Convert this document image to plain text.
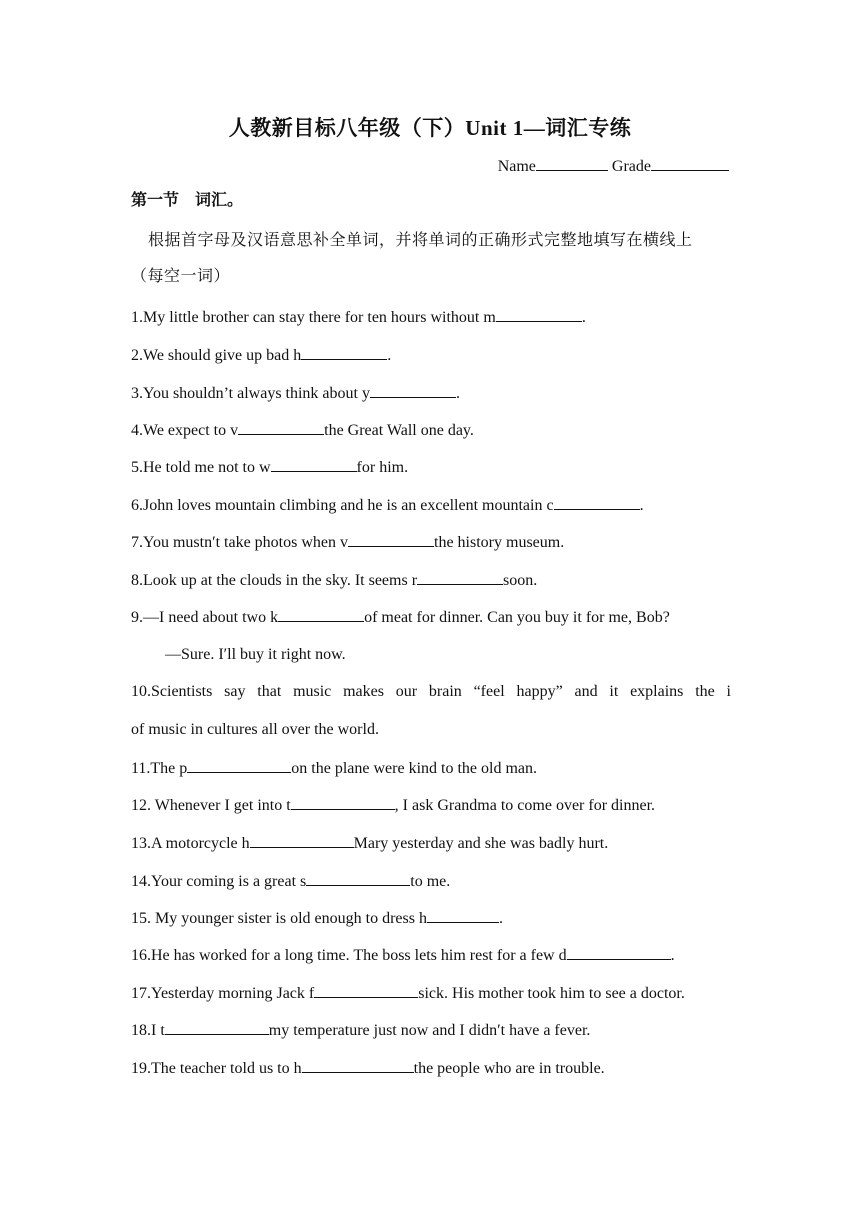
人教新目标八年级（下）Unit 1—词汇专练
Name	Grade
第一节　词汇。
根据首字母及汉语意思补全单词，并将单词的正确形式完整地填写在横线上
（每空一词）
1.My little brother can stay there for ten hours without m	.
2.We should give up bad h	.
3.You shouldn’t always think about y	.
4.We expect to v	the Great Wall one day.
5.He told me not to w	for him.
6.John loves mountain climbing and he is an excellent mountain c	.
7.You mustn′t take photos when v	the history museum.
8.Look up at the clouds in the sky. It seems r	soon.
9.—I need about two k	of meat for dinner. Can you buy it for me, Bob?
—Sure. I′ll buy it right now.
10.Scientists say that music makes our brain “feel happy” and it explains the i
of music in cultures all over the world.
11.The p	on the plane were kind to the old man.
12. Whenever I get into t	, I ask Grandma to come over for dinner.
13.A motorcycle h	Mary yesterday and she was badly hurt.
14.Your coming is a great s	to me.
15. My younger sister is old enough to dress h	.
16.He has worked for a long time. The boss lets him rest for a few d	.
17.Yesterday morning Jack f	sick. His mother took him to see a doctor.
18.I t	my temperature just now and I didn′t have a fever.
19.The teacher told us to h	the people who are in trouble.
